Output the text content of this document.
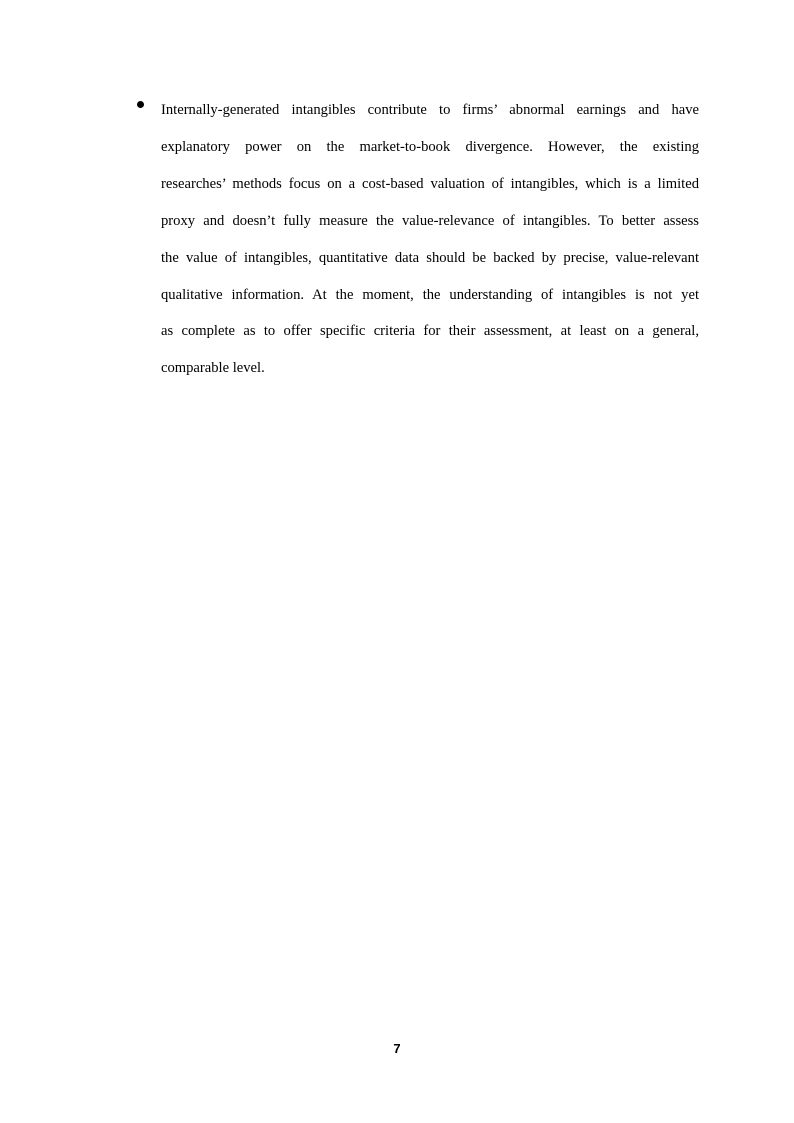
Internally-generated intangibles contribute to firms’ abnormal earnings and have
explanatory power on the market-to-book divergence. However, the existing
researches’ methods focus on a cost-based valuation of intangibles, which is a limited
proxy and doesn’t fully measure the value-relevance of intangibles. To better assess
the value of intangibles, quantitative data should be backed by precise, value-relevant
qualitative information. At the moment, the understanding of intangibles is not yet
as complete as to offer specific criteria for their assessment, at least on a general,
comparable level.
7
